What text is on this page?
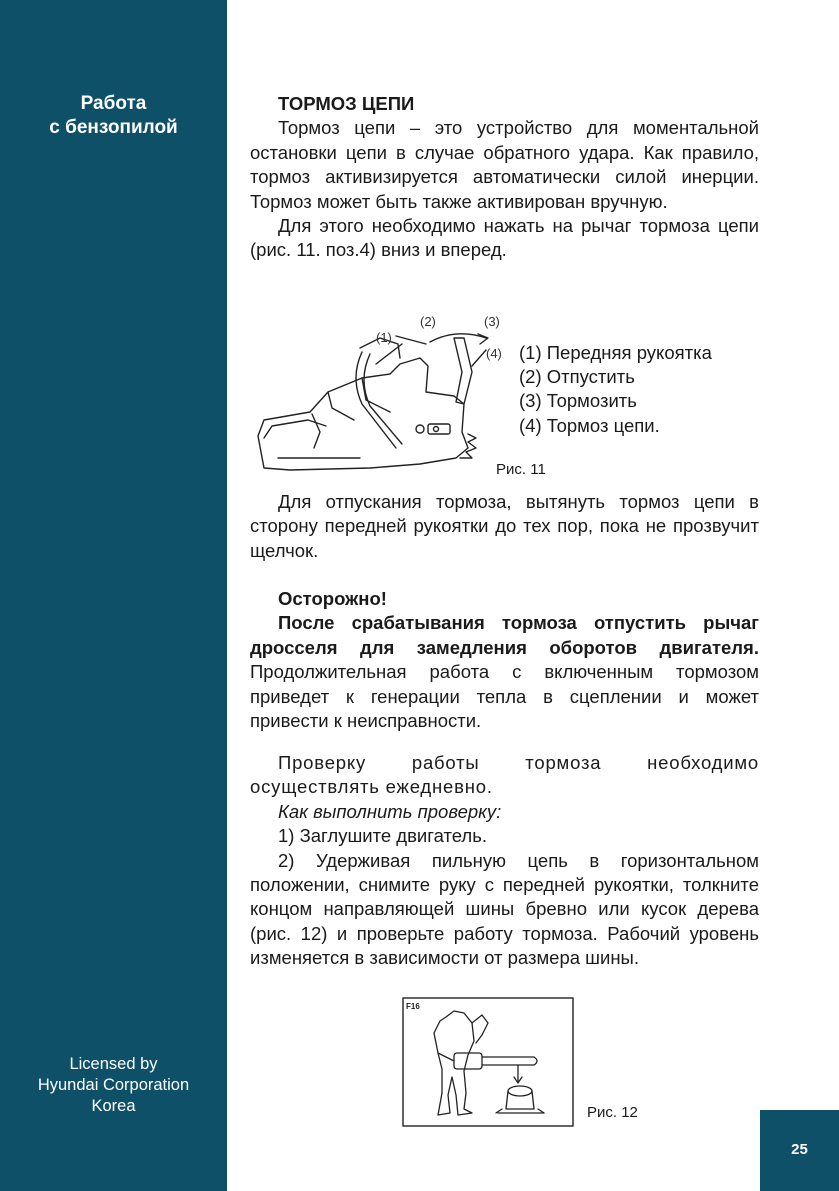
Работа
с бензопилой
Licensed by
Hyundai Corporation
Korea
25
ТОРМОЗ ЦЕПИ
Тормоз цепи – это устройство для моментальной остановки цепи в случае обратного удара. Как правило, тормоз активизируется автоматически силой инерции. Тормоз может быть также активирован вручную.
Для этого необходимо нажать на рычаг тормоза цепи (рис. 11. поз.4) вниз и вперед.
(1)
(2)	(3)
(4) (1) Передняя рукоятка
(2) Отпустить
(3) Тормозить
(4) Тормоз цепи.
Рис. 11
Для отпускания тормоза, вытянуть тормоз цепи в сторону передней рукоятки до тех пор, пока не прозвучит щелчок.
Осторожно!
После срабатывания тормоза отпустить рычаг дросселя для замедления оборотов двигателя. Продолжительная работа с включенным тормозом приведет к генерации тепла в сцеплении и может привести к неисправности.
Проверку работы тормоза необходимо осуществлять ежедневно.
Как выполнить проверку:
1) Заглушите двигатель.
2) Удерживая пильную цепь в горизонтальном положении, снимите руку с передней рукоятки, толкните концом направляющей шины бревно или кусок дерева (рис. 12) и проверьте работу тормоза. Рабочий уровень изменяется в зависимости от размера шины.
F16
Рис. 12
